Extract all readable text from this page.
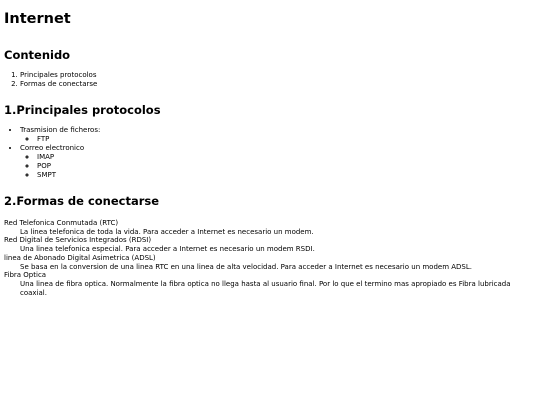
Internet
Contenido
1. Principales protocolos
2. Formas de conectarse
1.Principales protocolos
• Trasmision de ficheros:
◦ FTP
• Correo electronico
◦ IMAP
◦ POP
◦ SMPT
2.Formas de conectarse
Red Telefonica Conmutada (RTC)
La linea telefonica de toda la vida. Para acceder a Internet es necesario un modem.
Red Digital de Servicios Integrados (RDSI)
Una linea telefonica especial. Para acceder a Internet es necesario un modem RSDI.
linea de Abonado Digital Asimetrica (ADSL)
Se basa en la conversion de una linea RTC en una linea de alta velocidad. Para acceder a Internet es necesario un modem ADSL.
Fibra Optica
Una linea de fibra optica. Normalmente la fibra optica no llega hasta al usuario final. Por lo que el termino mas apropiado es Fibra lubricada coaxial.
